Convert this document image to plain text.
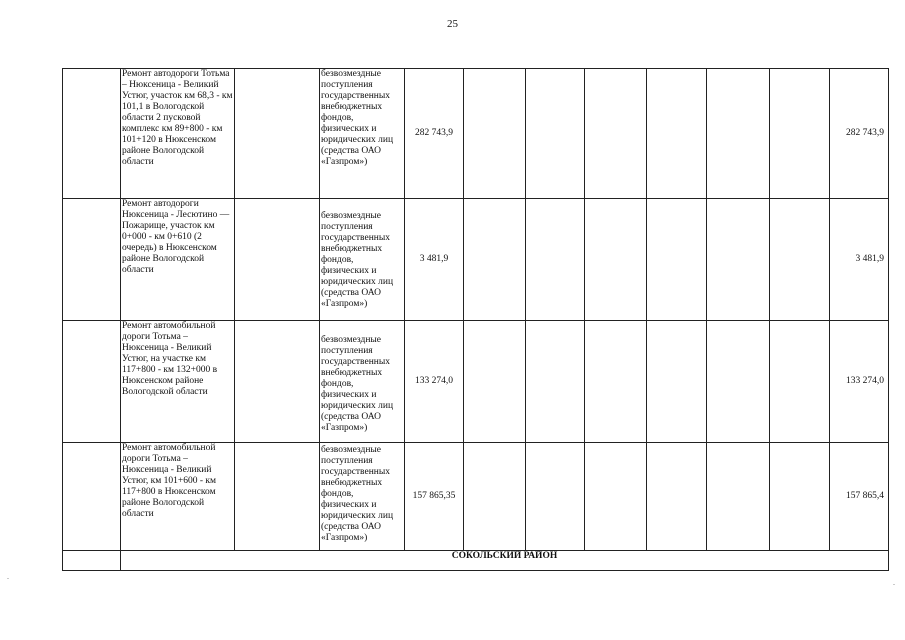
25
	Ремонт автодороги Тотьма – Нюксеница - Великий Устюг, участок км 68,3 - км 101,1 в Вологодской области 2 пусковой комплекс км 89+800 - км 101+120 в Нюксенском районе Вологодской области		безвозмездные поступления государственных внебюджетных фондов, физических и юридических лиц (средства ОАО «Газпром»)	282 743,9							282 743,9
	Ремонт автодороги Нюксеница - Лесютино — Пожарище, участок км 0+000 - км 0+610 (2 очередь) в Нюксенском районе Вологодской области		безвозмездные поступления государственных внебюджетных фондов, физических и юридических лиц (средства ОАО «Газпром»)	3 481,9							3 481,9
	Ремонт автомобильной дороги Тотьма – Нюксеница - Великий Устюг, на участке км 117+800 - км 132+000 в Нюксенском районе Вологодской области		безвозмездные поступления государственных внебюджетных фондов, физических и юридических лиц (средства ОАО «Газпром»)	133 274,0							133 274,0
	Ремонт автомобильной дороги Тотьма – Нюксеница - Великий Устюг, км 101+600 - км 117+800 в Нюксенском районе Вологодской области		безвозмездные поступления государственных внебюджетных фондов, физических и юридических лиц (средства ОАО «Газпром»)	157 865,35							157 865,4
	СОКОЛЬСКИЙ РАЙОН										
.
.
